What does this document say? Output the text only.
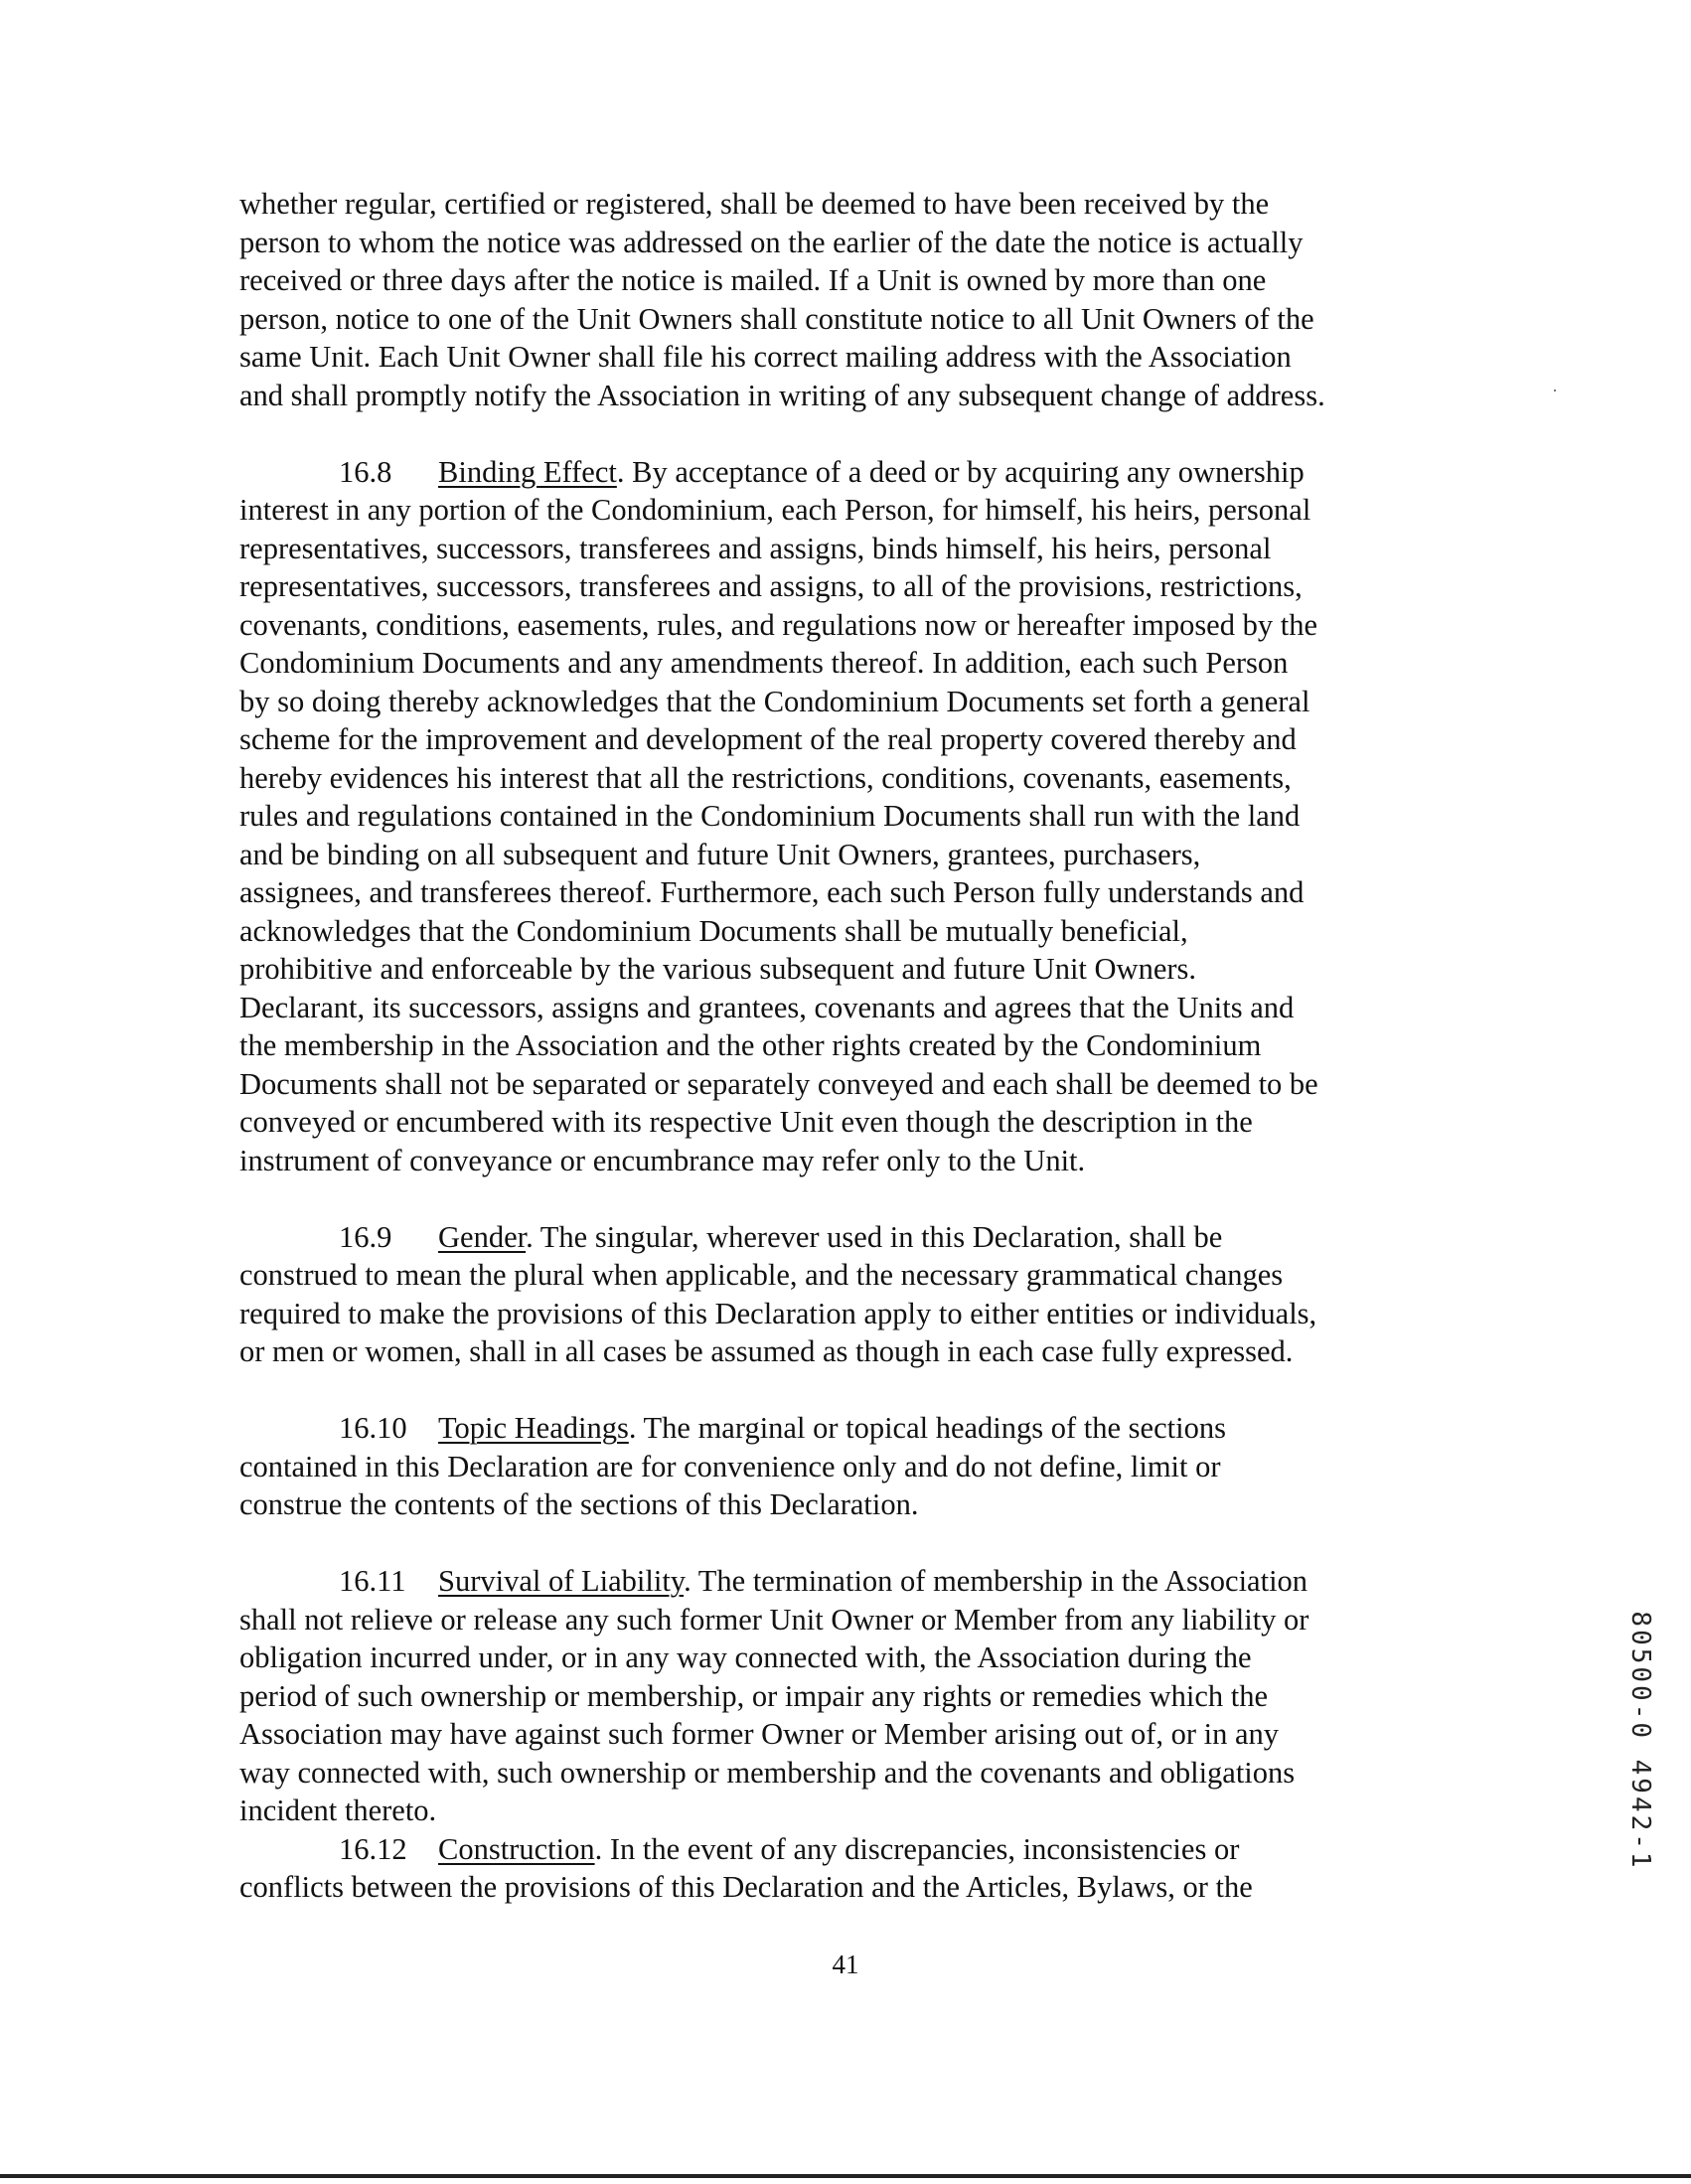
whether regular, certified or registered, shall be deemed to have been received by the
person to whom the notice was addressed on the earlier of the date the notice is actually
received or three days after the notice is mailed. If a Unit is owned by more than one
person, notice to one of the Unit Owners shall constitute notice to all Unit Owners of the
same Unit. Each Unit Owner shall file his correct mailing address with the Association
and shall promptly notify the Association in writing of any subsequent change of address.

16.8 Binding Effect. By acceptance of a deed or by acquiring any ownership
interest in any portion of the Condominium, each Person, for himself, his heirs, personal
representatives, successors, transferees and assigns, binds himself, his heirs, personal
representatives, successors, transferees and assigns, to all of the provisions, restrictions,
covenants, conditions, easements, rules, and regulations now or hereafter imposed by the
Condominium Documents and any amendments thereof. In addition, each such Person
by so doing thereby acknowledges that the Condominium Documents set forth a general
scheme for the improvement and development of the real property covered thereby and
hereby evidences his interest that all the restrictions, conditions, covenants, easements,
rules and regulations contained in the Condominium Documents shall run with the land
and be binding on all subsequent and future Unit Owners, grantees, purchasers,
assignees, and transferees thereof. Furthermore, each such Person fully understands and
acknowledges that the Condominium Documents shall be mutually beneficial,
prohibitive and enforceable by the various subsequent and future Unit Owners.
Declarant, its successors, assigns and grantees, covenants and agrees that the Units and
the membership in the Association and the other rights created by the Condominium
Documents shall not be separated or separately conveyed and each shall be deemed to be
conveyed or encumbered with its respective Unit even though the description in the
instrument of conveyance or encumbrance may refer only to the Unit.

16.9 Gender. The singular, wherever used in this Declaration, shall be
construed to mean the plural when applicable, and the necessary grammatical changes
required to make the provisions of this Declaration apply to either entities or individuals,
or men or women, shall in all cases be assumed as though in each case fully expressed.

16.10 Topic Headings. The marginal or topical headings of the sections
contained in this Declaration are for convenience only and do not define, limit or
construe the contents of the sections of this Declaration.

16.11 Survival of Liability. The termination of membership in the Association
shall not relieve or release any such former Unit Owner or Member from any liability or
obligation incurred under, or in any way connected with, the Association during the
period of such ownership or membership, or impair any rights or remedies which the
Association may have against such former Owner or Member arising out of, or in any
way connected with, such ownership or membership and the covenants and obligations
incident thereto.

16.12 Construction. In the event of any discrepancies, inconsistencies or
conflicts between the provisions of this Declaration and the Articles, Bylaws, or the

41
80500-0 4942-1
